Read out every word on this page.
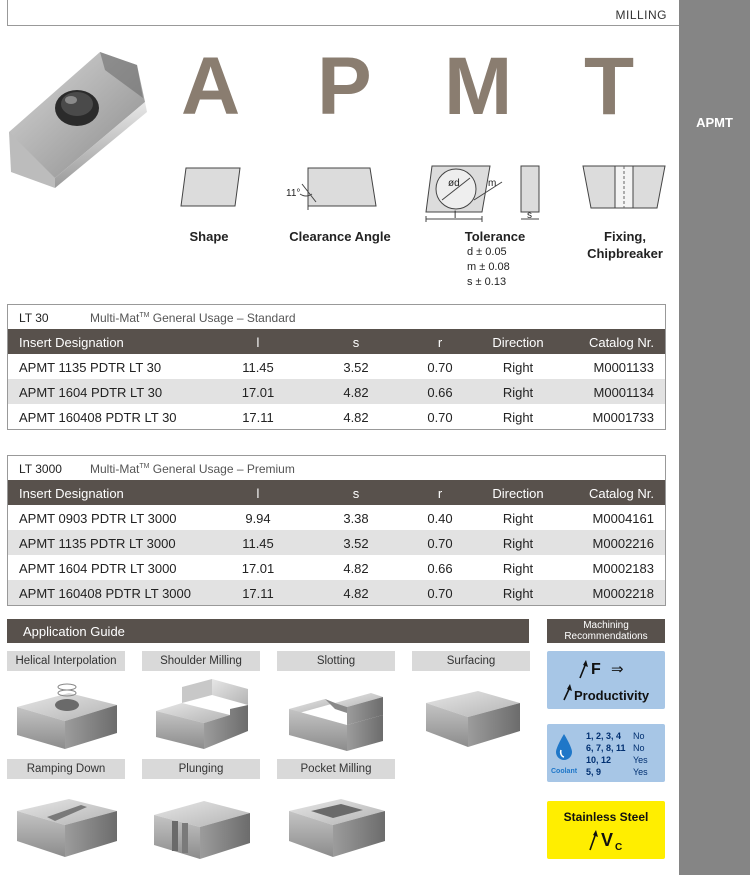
MILLING
APMT
A P M T
11°
ød	m
l	s
Shape	Clearance Angle	Tolerance	Fixing,
Chipbreaker
d ± 0.05
m ± 0.08
s ± 0.13
LT 30	Multi-Mat™ General Usage – Standard
Insert Designation	l	s	r	Direction	Catalog Nr.
APMT 1135 PDTR LT 30	11.45	3.52	0.70	Right	M0001133
APMT 1604 PDTR LT 30	17.01	4.82	0.66	Right	M0001134
APMT 160408 PDTR LT 30	17.11	4.82	0.70	Right	M0001733
LT 3000 Multi-Mat™ General Usage – Premium
Insert Designation	l	s	r	Direction	Catalog Nr.
APMT 0903 PDTR LT 3000	9.94	3.38	0.40	Right	M0004161
APMT 1135 PDTR LT 3000	11.45	3.52	0.70	Right	M0002216
APMT 1604 PDTR LT 3000	17.01	4.82	0.66	Right	M0002183
APMT 160408 PDTR LT 3000	17.11	4.82	0.70	Right	M0002218
Application Guide
Helical Interpolation	Shoulder Milling	Slotting	Surfacing
Ramping Down	Plunging	Pocket Milling
Machining
Recommendations
F ⇒
Productivity
Coolant
1, 2, 3, 4 No
6, 7, 8, 11 No
10, 12 Yes
5, 9	Yes
Stainless Steel
V C
